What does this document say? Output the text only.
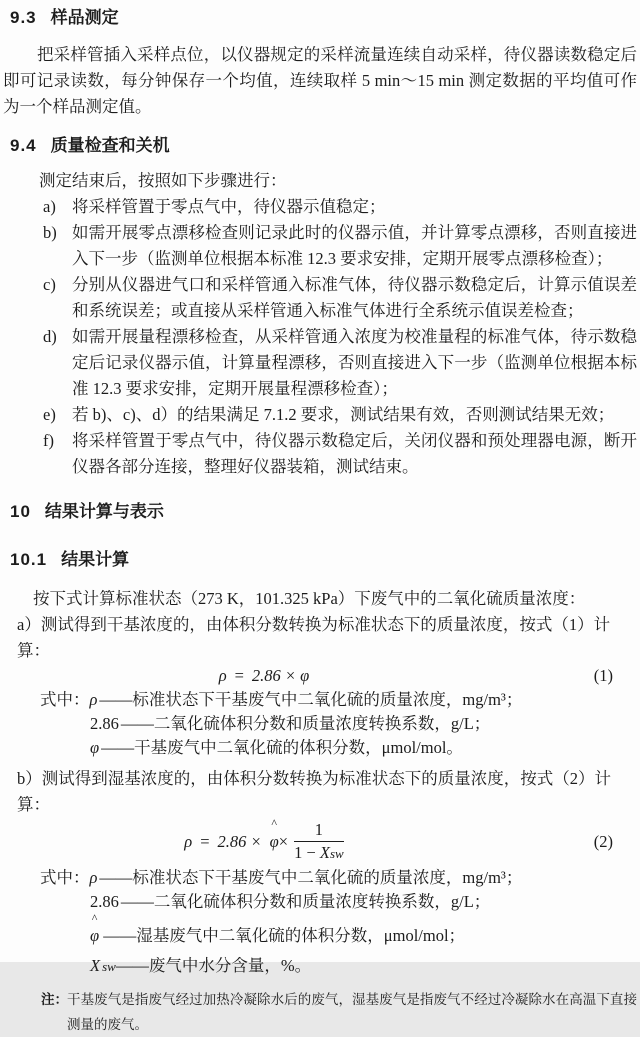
9.3 样品测定
把采样管插入采样点位，以仪器规定的采样流量连续自动采样，待仪器读数稳定后即可记录读数，每分钟保存一个均值，连续取样 5 min～15 min 测定数据的平均值可作为一个样品测定值。
9.4 质量检查和关机
测定结束后，按照如下步骤进行：
a) 将采样管置于零点气中，待仪器示值稳定；
b) 如需开展零点漂移检查则记录此时的仪器示值，并计算零点漂移，否则直接进入下一步（监测单位根据本标准 12.3 要求安排，定期开展零点漂移检查）；
c) 分别从仪器进气口和采样管通入标准气体，待仪器示数稳定后，计算示值误差和系统误差；或直接从采样管通入标准气体进行全系统示值误差检查；
d) 如需开展量程漂移检查，从采样管通入浓度为校准量程的标准气体，待示数稳定后记录仪器示值，计算量程漂移，否则直接进入下一步（监测单位根据本标准 12.3 要求安排，定期开展量程漂移检查）；
e) 若 b)、c)、d）的结果满足 7.1.2 要求，测试结果有效，否则测试结果无效；
f) 将采样管置于零点气中，待仪器示数稳定后，关闭仪器和预处理器电源，断开仪器各部分连接，整理好仪器装箱，测试结束。
10 结果计算与表示
10.1 结果计算
按下式计算标准状态（273 K，101.325 kPa）下废气中的二氧化硫质量浓度：
a）测试得到干基浓度的，由体积分数转换为标准状态下的质量浓度，按式（1）计算：
ρ = 2.86 × φ	(1)
式中：ρ ——标准状态下干基废气中二氧化硫的质量浓度，mg/m³；
2.86 ——二氧化硫体积分数和质量浓度转换系数，g/L；
φ ——干基废气中二氧化硫的体积分数，μmol/mol。
b）测试得到湿基浓度的，由体积分数转换为标准状态下的质量浓度，按式（2）计算：
ρ = 2.86 ×
^
$\varphi \times \frac{1}{\text{1 − Xsw}}$	(2)
式中：ρ ——标准状态下干基废气中二氧化硫的质量浓度，mg/m³；
2.86 ——二氧化硫体积分数和质量浓度转换系数，g/L；
^
φ ——湿基废气中二氧化硫的体积分数，μmol/mol；
X sw——废气中水分含量，%。
注： 干基废气是指废气经过加热冷凝除水后的废气，湿基废气是指废气不经过冷凝除水在高温下直接测量的废气。
